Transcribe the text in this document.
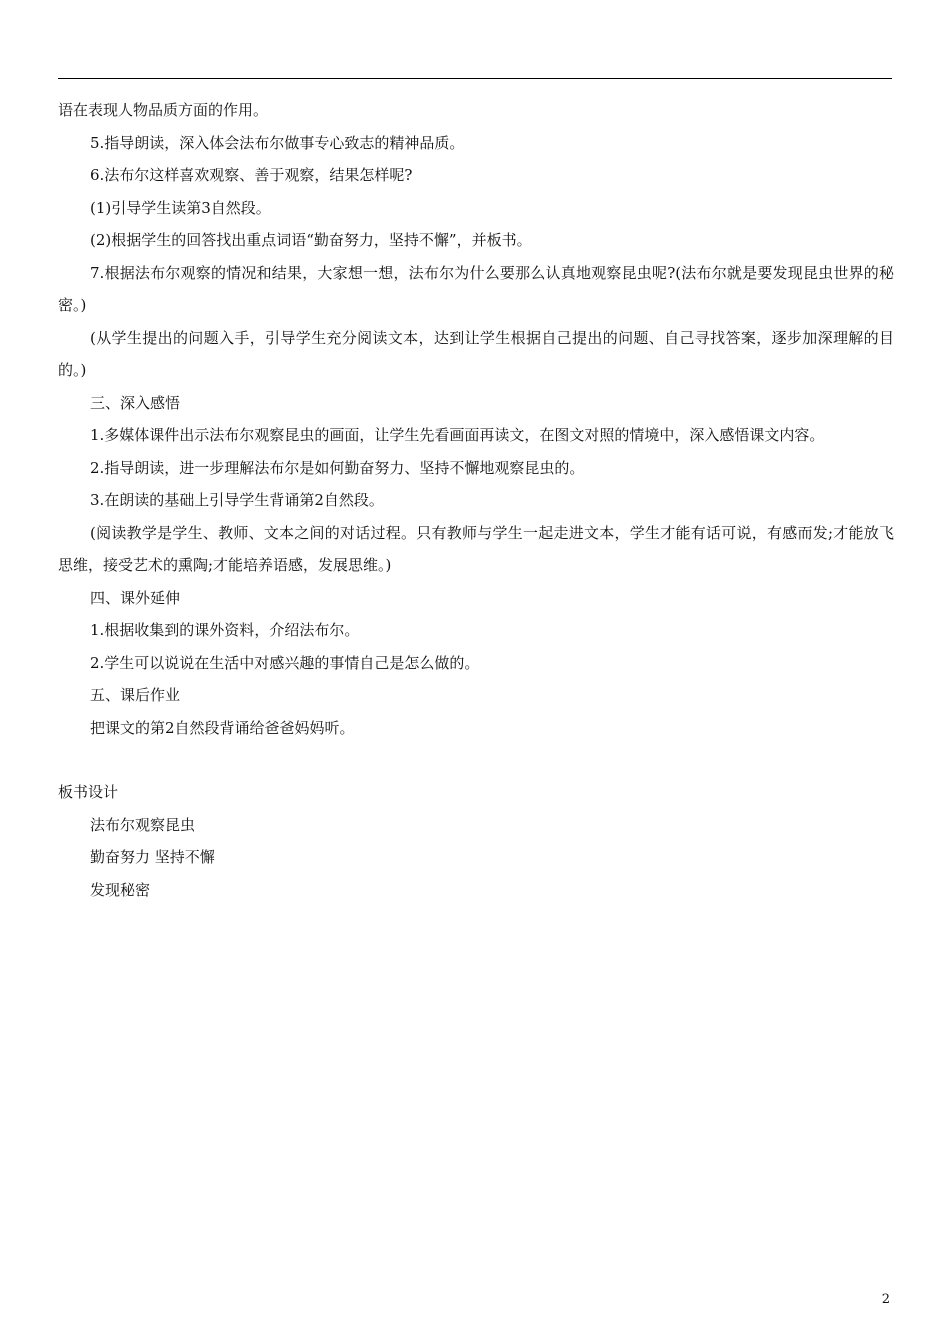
语在表现人物品质方面的作用。

5.指导朗读，深入体会法布尔做事专心致志的精神品质。

6.法布尔这样喜欢观察、善于观察，结果怎样呢?

(1)引导学生读第3自然段。

(2)根据学生的回答找出重点词语“勤奋努力，坚持不懈”，并板书。

7.根据法布尔观察的情况和结果，大家想一想，法布尔为什么要那么认真地观察昆虫呢?(法布尔就是要发现昆虫世界的秘密。)

(从学生提出的问题入手，引导学生充分阅读文本，达到让学生根据自己提出的问题、自己寻找答案，逐步加深理解的目的。)

三、深入感悟

1.多媒体课件出示法布尔观察昆虫的画面，让学生先看画面再读文，在图文对照的情境中，深入感悟课文内容。

2.指导朗读，进一步理解法布尔是如何勤奋努力、坚持不懈地观察昆虫的。

3.在朗读的基础上引导学生背诵第2自然段。

(阅读教学是学生、教师、文本之间的对话过程。只有教师与学生一起走进文本，学生才能有话可说，有感而发;才能放飞思维，接受艺术的熏陶;才能培养语感，发展思维。)

四、课外延伸

1.根据收集到的课外资料，介绍法布尔。

2.学生可以说说在生活中对感兴趣的事情自己是怎么做的。

五、课后作业

把课文的第2自然段背诵给爸爸妈妈听。

板书设计

法布尔观察昆虫

勤奋努力 坚持不懈

发现秘密

2
